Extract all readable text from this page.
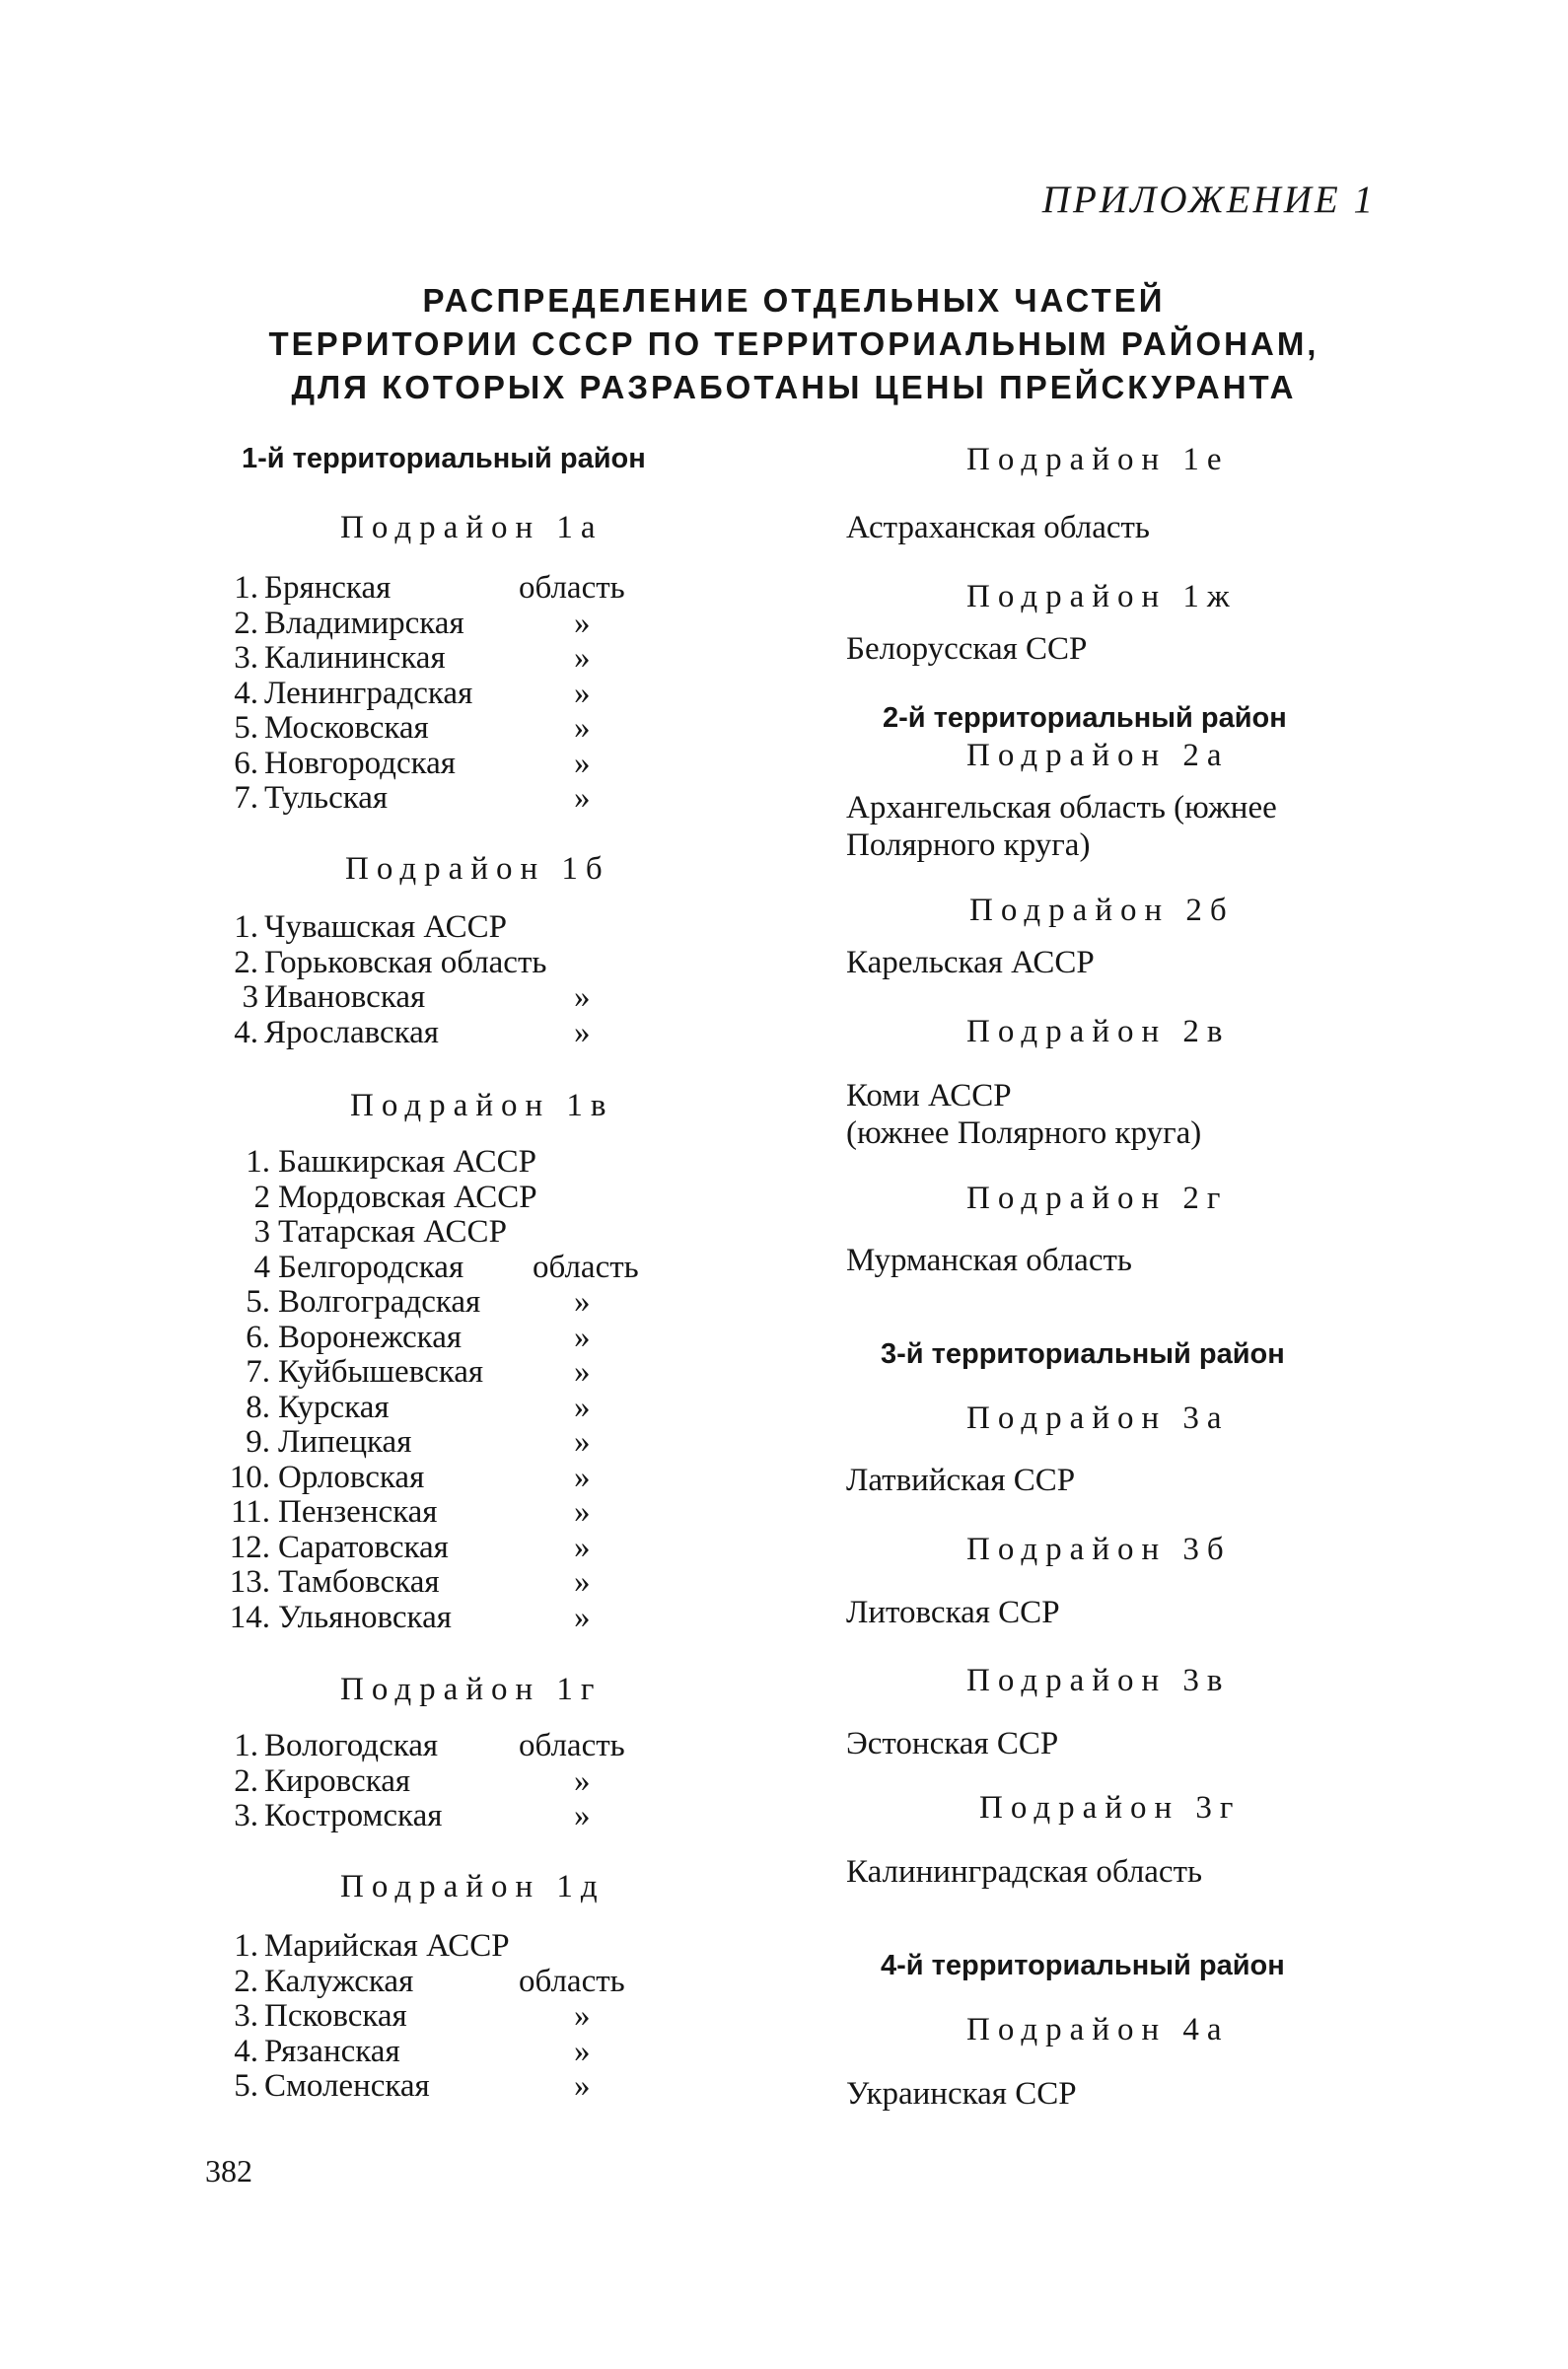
ПРИЛОЖЕНИЕ 1
РАСПРЕДЕЛЕНИЕ ОТДЕЛЬНЫХ ЧАСТЕЙ
ТЕРРИТОРИИ СССР ПО ТЕРРИТОРИАЛЬНЫМ РАЙОНАМ,
ДЛЯ КОТОРЫХ РАЗРАБОТАНЫ ЦЕНЫ ПРЕЙСКУРАНТА
1-й территориальный район
Подрайон 1а
1. Брянская	область
2. Владимирская	»
3. Калининская	»
4. Ленинградская	»
5. Московская	»
6. Новгородская	»
7. Тульская	»
Подрайон 1б
1. Чувашская АССР
2. Горьковская область
3 Ивановская	»
4. Ярославская	»
Подрайон 1в
1. Башкирская АССР
2 Мордовская АССР
3 Татарская АССР
4 Белгородская область
5. Волгоградская	»
6. Воронежская	»
7. Куйбышевская	»
8. Курская	»
9. Липецкая	»
10. Орловская	»
11. Пензенская	»
12. Саратовская	»
13. Тамбовская	»
14. Ульяновская	»
Подрайон 1г
1. Вологодская область
2. Кировская	»
3. Костромская	»
Подрайон 1д
1. Марийская АССР
2. Калужская	область
3. Псковская	»
4. Рязанская	»
5. Смоленская	»
Подрайон 1е
Астраханская область
Подрайон 1ж
Белорусская ССР
2-й территориальный район
Подрайон 2а
Архангельская область (южнее
Полярного круга)
Подрайон 2б
Карельская АССР
Подрайон 2в
Коми АССР
(южнее Полярного круга)
Подрайон 2г
Мурманская область
3-й территориальный район
Подрайон 3а
Латвийская ССР
Подрайон 3б
Литовская ССР
Подрайон 3в
Эстонская ССР
Подрайон 3г
Калининградская область
4-й территориальный район
Подрайон 4а
Украинская ССР
382
